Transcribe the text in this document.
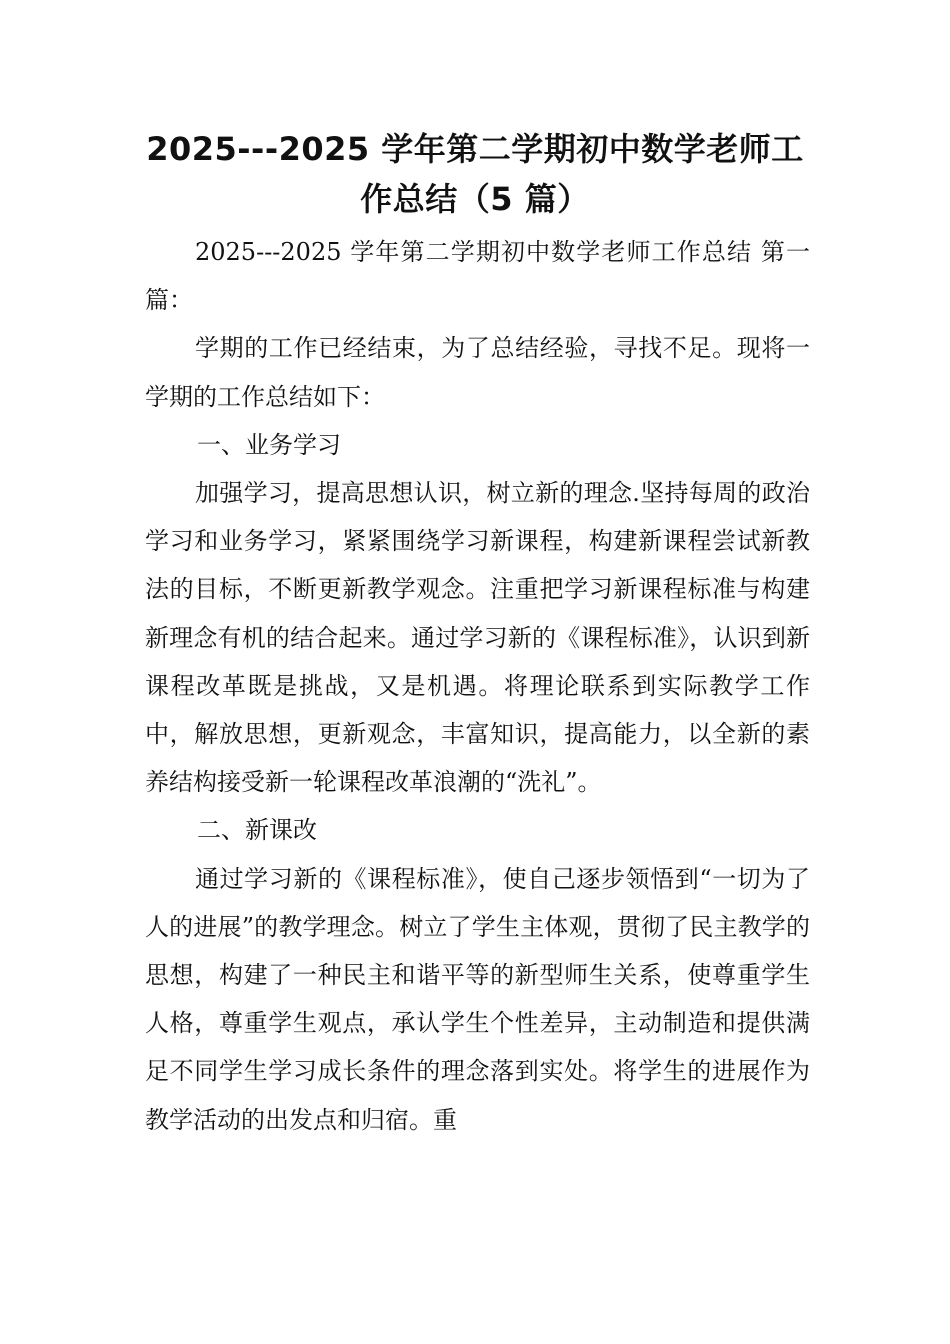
2025---2025 学年第二学期初中数学老师工
作总结（5 篇）

2025---2025 学年第二学期初中数学老师工作总结 第一篇：

学期的工作已经结束，为了总结经验，寻找不足。现将一学期的工作总结如下：

一、业务学习

加强学习，提高思想认识，树立新的理念.坚持每周的政治学习和业务学习，紧紧围绕学习新课程，构建新课程尝试新教法的目标，不断更新教学观念。注重把学习新课程标准与构建新理念有机的结合起来。通过学习新的《课程标准》，认识到新课程改革既是挑战，又是机遇。将理论联系到实际教学工作中，解放思想，更新观念，丰富知识，提高能力，以全新的素养结构接受新一轮课程改革浪潮的“洗礼”。

二、新课改

通过学习新的《课程标准》，使自己逐步领悟到“一切为了人的进展”的教学理念。树立了学生主体观，贯彻了民主教学的思想，构建了一种民主和谐平等的新型师生关系，使尊重学生人格，尊重学生观点，承认学生个性差异，主动制造和提供满足不同学生学习成长条件的理念落到实处。将学生的进展作为教学活动的出发点和归宿。重
